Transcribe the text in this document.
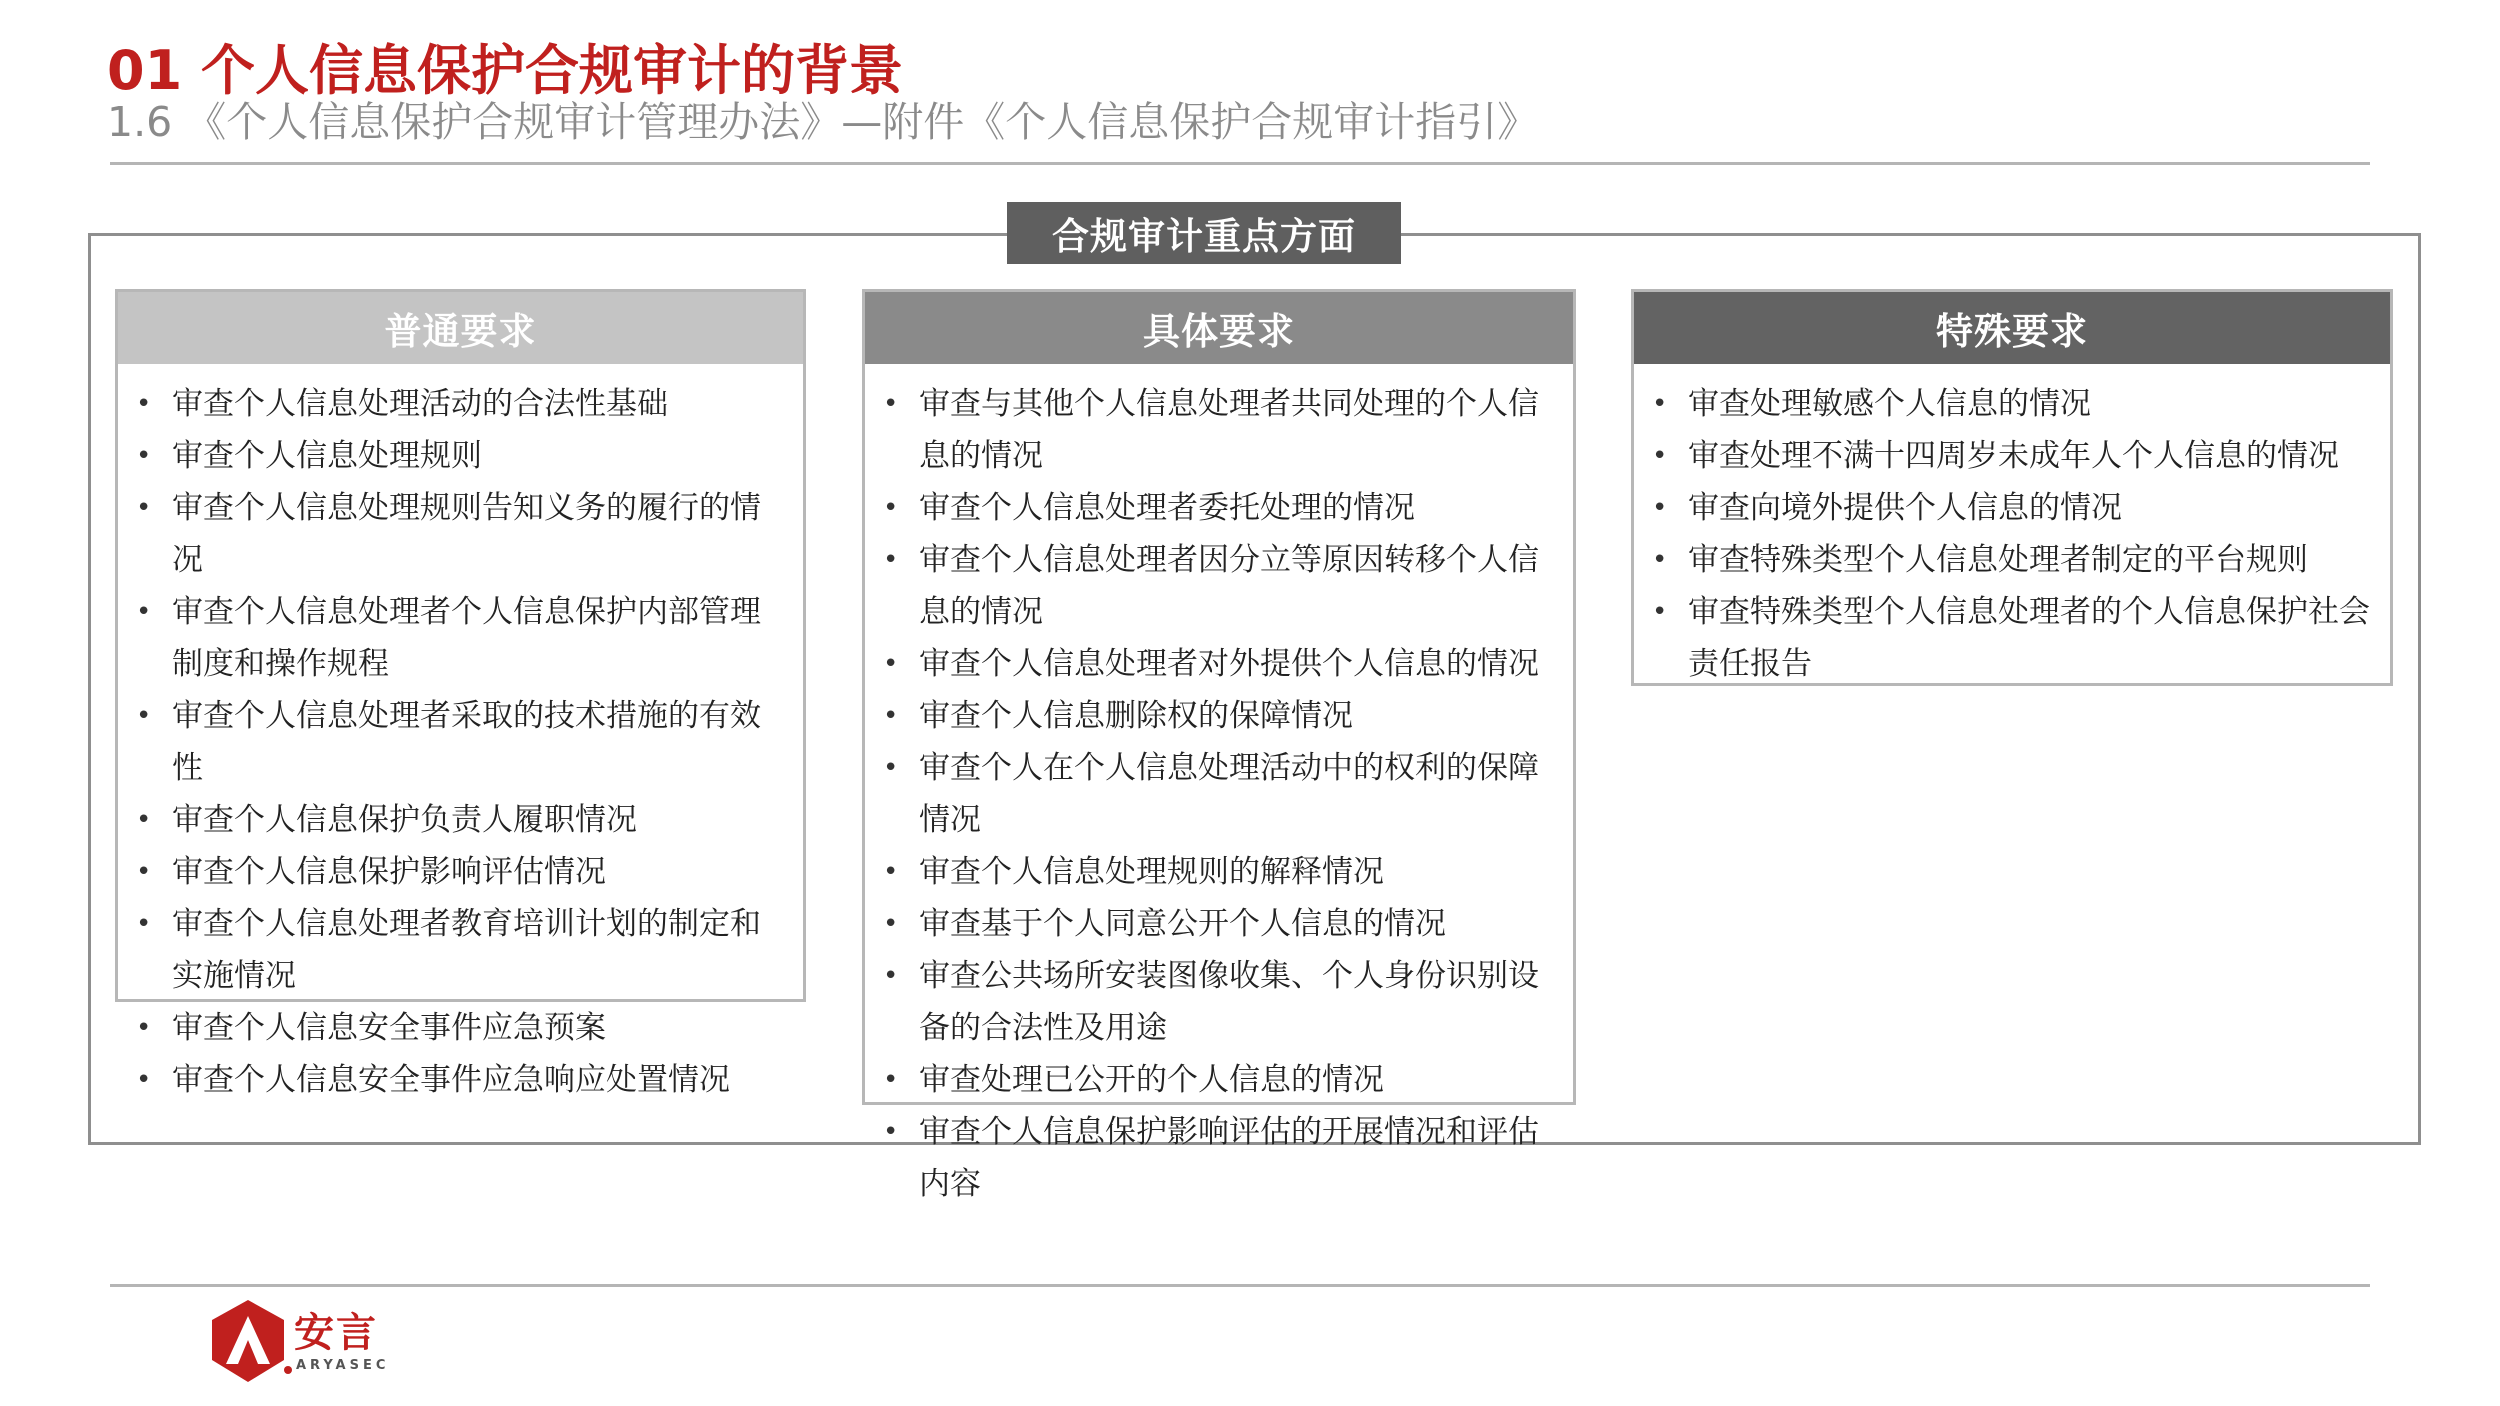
01 个人信息保护合规审计的背景
1.6 《个人信息保护合规审计管理办法》—附件《个人信息保护合规审计指引》
合规审计重点方面
普通要求
• 审查个人信息处理活动的合法性基础
• 审查个人信息处理规则
• 审查个人信息处理规则告知义务的履行的情况
• 审查个人信息处理者个人信息保护内部管理制度和操作规程
• 审查个人信息处理者采取的技术措施的有效性
• 审查个人信息保护负责人履职情况
• 审查个人信息保护影响评估情况
• 审查个人信息处理者教育培训计划的制定和实施情况
• 审查个人信息安全事件应急预案
• 审查个人信息安全事件应急响应处置情况
具体要求
• 审查与其他个人信息处理者共同处理的个人信息的情况
• 审查个人信息处理者委托处理的情况
• 审查个人信息处理者因分立等原因转移个人信息的情况
• 审查个人信息处理者对外提供个人信息的情况
• 审查个人信息删除权的保障情况
• 审查个人在个人信息处理活动中的权利的保障情况
• 审查个人信息处理规则的解释情况
• 审查基于个人同意公开个人信息的情况
• 审查公共场所安装图像收集、个人身份识别设备的合法性及用途
• 审查处理已公开的个人信息的情况
• 审查个人信息保护影响评估的开展情况和评估内容
特殊要求
• 审查处理敏感个人信息的情况
• 审查处理不满十四周岁未成年人个人信息的情况
• 审查向境外提供个人信息的情况
• 审查特殊类型个人信息处理者制定的平台规则
• 审查特殊类型个人信息处理者的个人信息保护社会责任报告
安言
ARYASEC
